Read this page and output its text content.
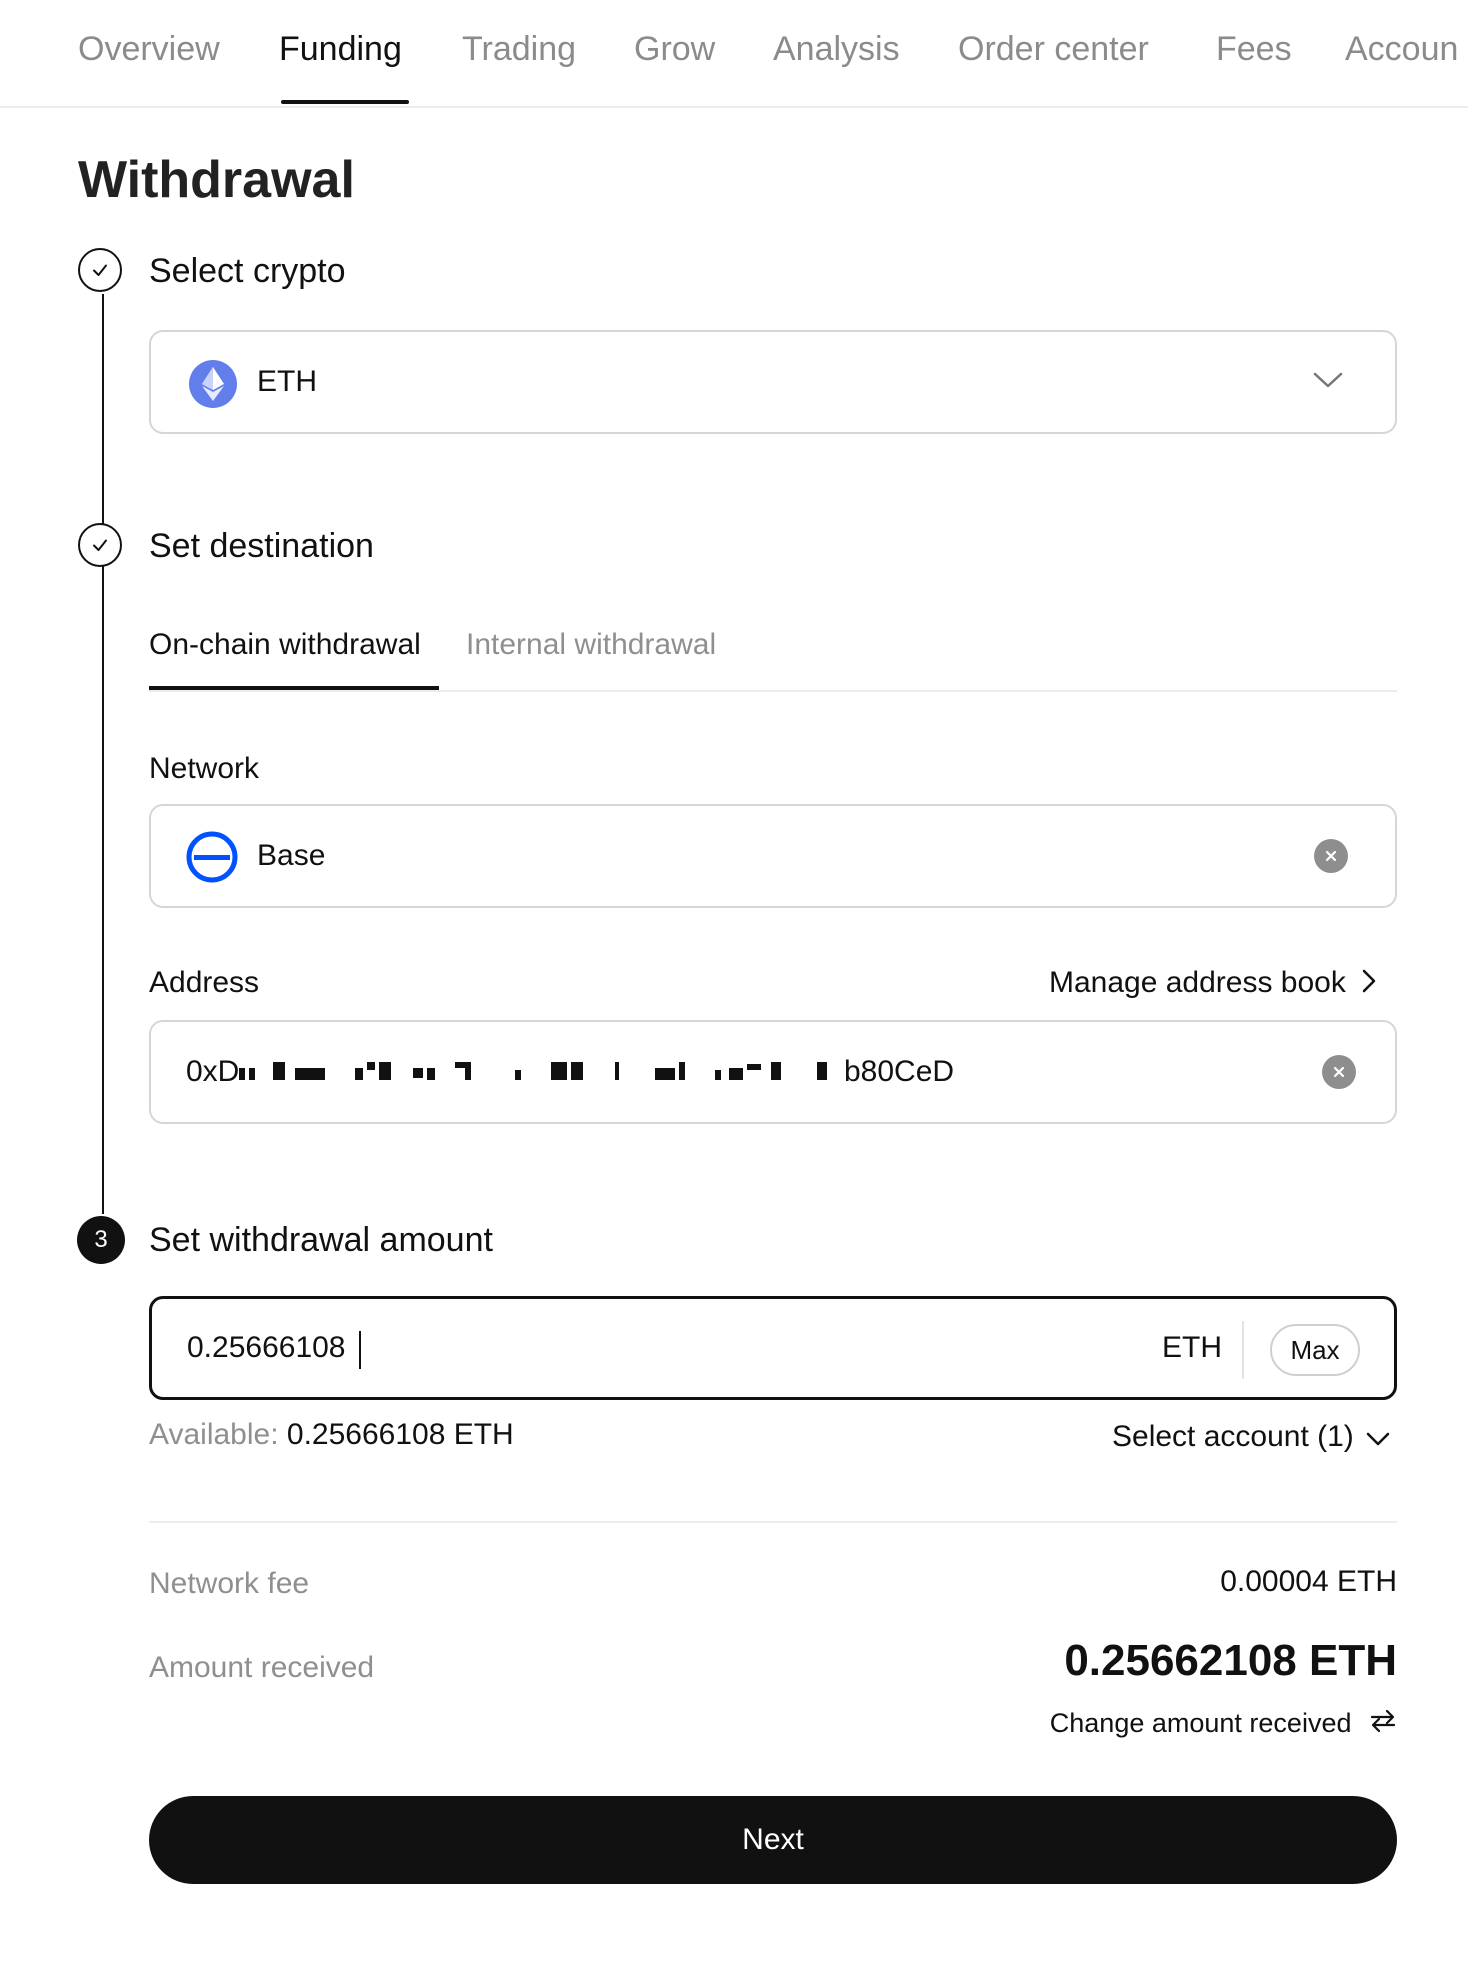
Overview Funding Trading Grow Analysis Order center Fees Accoun
Withdrawal
Select crypto
ETH
Set destination
On-chain withdrawal Internal withdrawal
Network
Base
Address	Manage address book
0xD	b80CeD
3	Set withdrawal amount
0.25666108	ETH	Max
Available: 0.25666108 ETH	Select account (1)
Network fee	0.00004 ETH
Amount received	0.25662108 ETH
Change amount received
Next
